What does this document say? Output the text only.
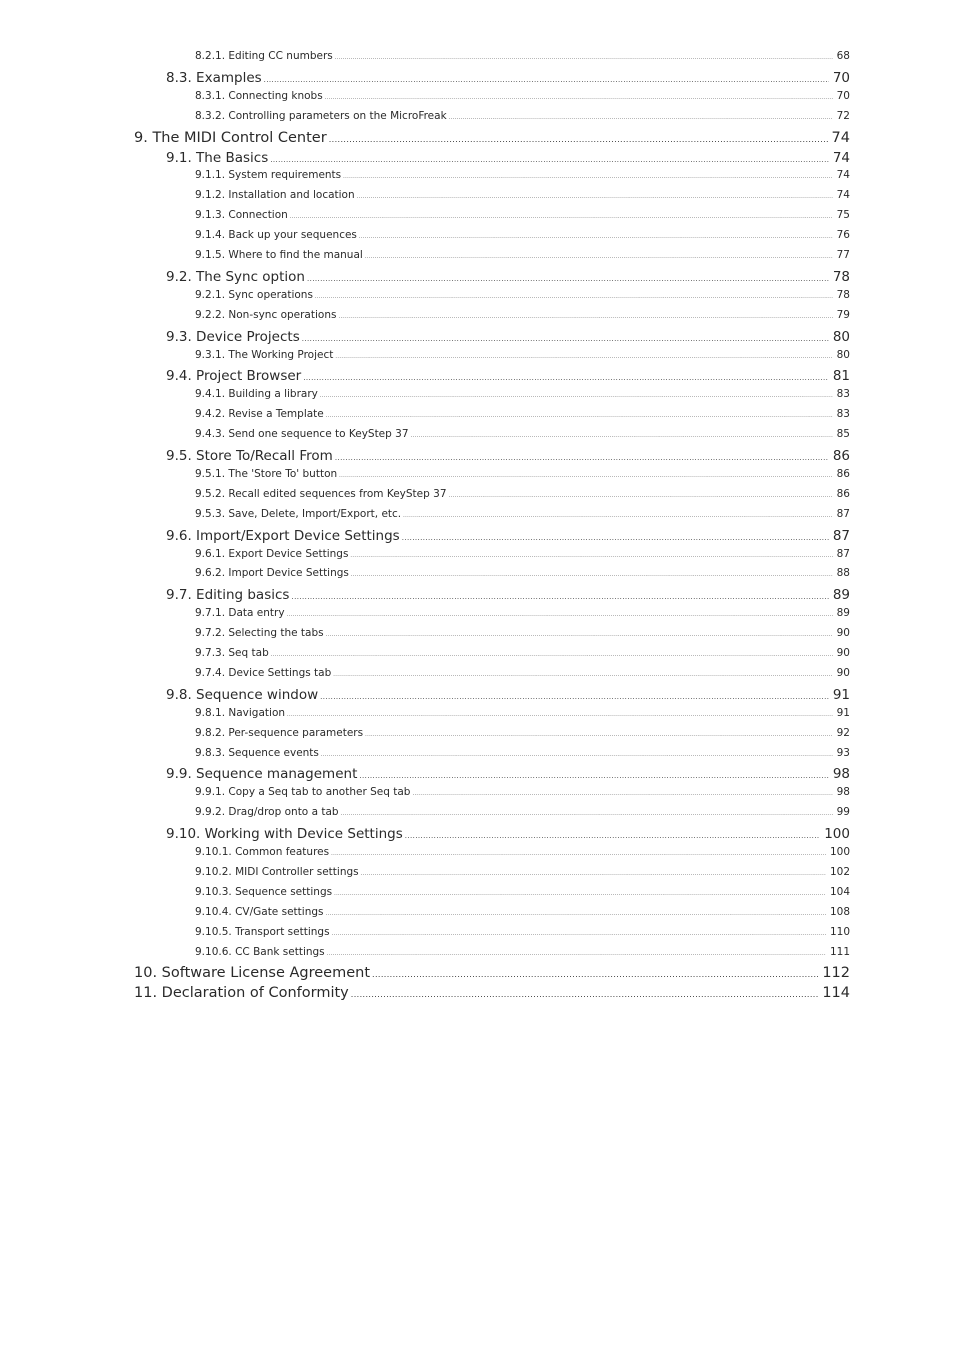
8.2.1. Editing CC numbers .....	68
8.3. Examples .....	70
8.3.1. Connecting knobs .....	70
8.3.2. Controlling parameters on the MicroFreak .....	72
9. The MIDI Control Center .....	74
9.1. The Basics .....	74
9.1.1. System requirements .....	74
9.1.2. Installation and location .....	74
9.1.3. Connection .....	75
9.1.4. Back up your sequences .....	76
9.1.5. Where to find the manual .....	77
9.2. The Sync option .....	78
9.2.1. Sync operations .....	78
9.2.2. Non-sync operations .....	79
9.3. Device Projects .....	80
9.3.1. The Working Project .....	80
9.4. Project Browser .....	81
9.4.1. Building a library .....	83
9.4.2. Revise a Template .....	83
9.4.3. Send one sequence to KeyStep 37 .....	85
9.5. Store To/Recall From .....	86
9.5.1. The 'Store To' button .....	86
9.5.2. Recall edited sequences from KeyStep 37 .....	86
9.5.3. Save, Delete, Import/Export, etc. .....	87
9.6. Import/Export Device Settings .....	87
9.6.1. Export Device Settings .....	87
9.6.2. Import Device Settings .....	88
9.7. Editing basics .....	89
9.7.1. Data entry .....	89
9.7.2. Selecting the tabs .....	90
9.7.3. Seq tab .....	90
9.7.4. Device Settings tab .....	90
9.8. Sequence window .....	91
9.8.1. Navigation .....	91
9.8.2. Per-sequence parameters .....	92
9.8.3. Sequence events .....	93
9.9. Sequence management .....	98
9.9.1. Copy a Seq tab to another Seq tab .....	98
9.9.2. Drag/drop onto a tab .....	99
9.10. Working with Device Settings .....	100
9.10.1. Common features .....	100
9.10.2. MIDI Controller settings .....	102
9.10.3. Sequence settings .....	104
9.10.4. CV/Gate settings .....	108
9.10.5. Transport settings .....	110
9.10.6. CC Bank settings .....	111
10. Software License Agreement .....	112
11. Declaration of Conformity .....	114
